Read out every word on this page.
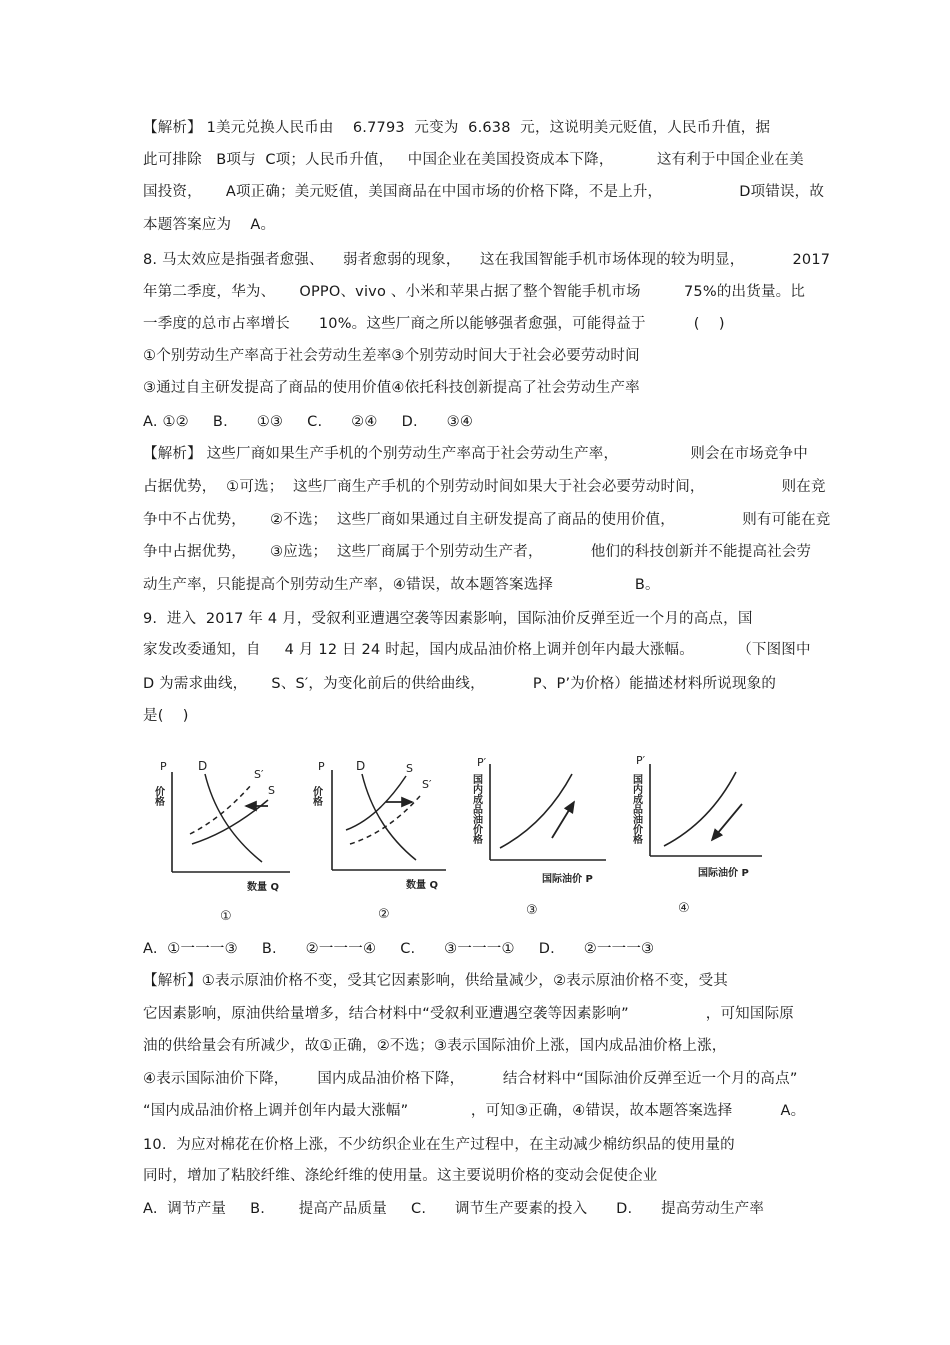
【解析】 1美元兑换人民币由    6.7793  元变为  6.638  元，这说明美元贬值，人民币升值，据
此可排除   B项与  C项；人民币升值，   中国企业在美国投资成本下降，         这有利于中国企业在美
国投资，     A项正确；美元贬值，美国商品在中国市场的价格下降，不是上升，                D项错误，故
本题答案应为    A。
8. 马太效应是指强者愈强、    弱者愈弱的现象，    这在我国智能手机市场体现的较为明显，          2017
年第二季度，华为、     OPPO、vivo 、小米和苹果占据了整个智能手机市场         75%的出货量。比
一季度的总市占率增长      10%。这些厂商之所以能够强者愈强，可能得益于          (    )
①个别劳动生产率高于社会劳动生差率③个别劳动时间大于社会必要劳动时间
③通过自主研发提高了商品的使用价值④依托科技创新提高了社会劳动生产率
A. ①②     B.      ①③     C.      ②④     D.      ③④
【解析】 这些厂商如果生产手机的个别劳动生产率高于社会劳动生产率，               则会在市场竞争中
占据优势，  ①可选；  这些厂商生产手机的个别劳动时间如果大于社会必要劳动时间，                则在竞
争中不占优势，     ②不选；  这些厂商如果通过自主研发提高了商品的使用价值，              则有可能在竞
争中占据优势，     ③应选；  这些厂商属于个别劳动生产者，          他们的科技创新并不能提高社会劳
动生产率，只能提高个别劳动生产率，④错误，故本题答案选择                 B。
9.  进入  2017 年 4 月，受叙利亚遭遇空袭等因素影响，国际油价反弹至近一个月的高点，国
家发改委通知，自     4 月 12 日 24 时起，国内成品油价格上调并创年内最大涨幅。         （下图图中
D 为需求曲线，     S、S′，为变化前后的供给曲线，          P、P’为价格）能描述材料所说现象的
是(    )
P
价格
D
S′
S
数量 Q
①
P
价格
D	S
S′
数量 Q
②
P′
国内成品油价格
国际油价 P
③
P′
国内成品油价格
国际油价 P
④
A.  ①一一一③     B.      ②一一一④     C.      ③一一一①     D.      ②一一一③
【解析】①表示原油价格不变，受其它因素影响，供给量减少，②表示原油价格不变，受其
它因素影响，原油供给量增多，结合材料中“受叙利亚遭遇空袭等因素影响”                ，可知国际原
油的供给量会有所减少，故①正确，②不选；③表示国际油价上涨，国内成品油价格上涨，
④表示国际油价下降，      国内成品油价格下降，        结合材料中“国际油价反弹至近一个月的高点”
“国内成品油价格上调并创年内最大涨幅”             ，可知③正确，④错误，故本题答案选择          A。
10.  为应对棉花在价格上涨，不少纺织企业在生产过程中，在主动减少棉纺织品的使用量的
同时，增加了粘胶纤维、涤纶纤维的使用量。这主要说明价格的变动会促使企业
A.  调节产量     B.       提高产品质量     C.      调节生产要素的投入      D.      提高劳动生产率
